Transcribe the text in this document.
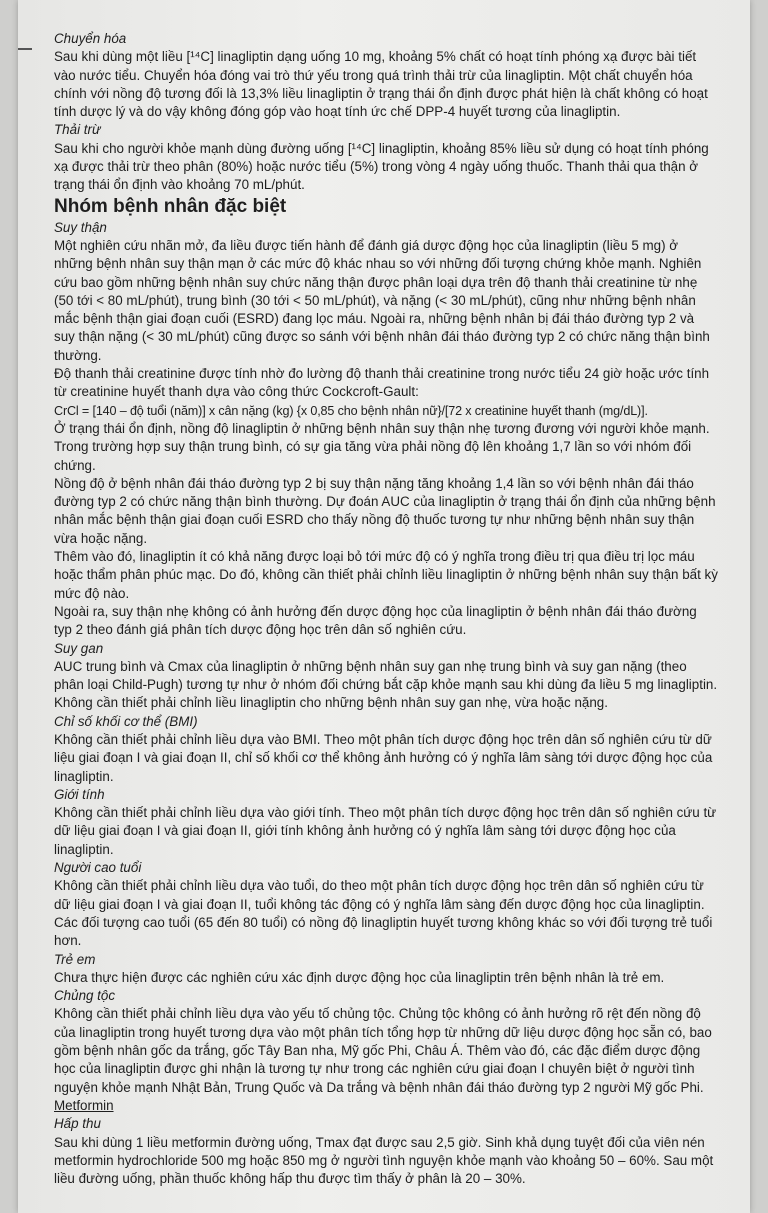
Chuyển hóa

Sau khi dùng một liều [¹⁴C] linagliptin dạng uống 10 mg, khoảng 5% chất có hoạt tính phóng xạ được bài tiết vào nước tiểu. Chuyển hóa đóng vai trò thứ yếu trong quá trình thải trừ của linagliptin. Một chất chuyển hóa chính với nồng độ tương đối là 13,3% liều linagliptin ở trạng thái ổn định được phát hiện là chất không có hoạt tính dược lý và do vậy không đóng góp vào hoạt tính ức chế DPP-4 huyết tương của linagliptin.

Thải trừ

Sau khi cho người khỏe mạnh dùng đường uống [¹⁴C] linagliptin, khoảng 85% liều sử dụng có hoạt tính phóng xạ được thải trừ theo phân (80%) hoặc nước tiểu (5%) trong vòng 4 ngày uống thuốc. Thanh thải qua thận ở trạng thái ổn định vào khoảng 70 mL/phút.

Nhóm bệnh nhân đặc biệt

Suy thận

Một nghiên cứu nhãn mở, đa liều được tiến hành để đánh giá dược động học của linagliptin (liều 5 mg) ở những bệnh nhân suy thận mạn ở các mức độ khác nhau so với những đối tượng chứng khỏe mạnh. Nghiên cứu bao gồm những bệnh nhân suy chức năng thận được phân loại dựa trên độ thanh thải creatinine từ nhẹ (50 tới < 80 mL/phút), trung bình (30 tới < 50 mL/phút), và nặng (< 30 mL/phút), cũng như những bệnh nhân mắc bệnh thận giai đoạn cuối (ESRD) đang lọc máu. Ngoài ra, những bệnh nhân bị đái tháo đường typ 2 và suy thận nặng (< 30 mL/phút) cũng được so sánh với bệnh nhân đái tháo đường typ 2 có chức năng thận bình thường.

Độ thanh thải creatinine được tính nhờ đo lường độ thanh thải creatinine trong nước tiểu 24 giờ hoặc ước tính từ creatinine huyết thanh dựa vào công thức Cockcroft-Gault:

CrCl = [140 – độ tuổi (năm)] x cân nặng (kg) {x 0,85 cho bệnh nhân nữ}/[72 x creatinine huyết thanh (mg/dL)].

Ở trạng thái ổn định, nồng độ linagliptin ở những bệnh nhân suy thận nhẹ tương đương với người khỏe mạnh. Trong trường hợp suy thận trung bình, có sự gia tăng vừa phải nồng độ lên khoảng 1,7 lần so với nhóm đối chứng.

Nồng độ ở bệnh nhân đái tháo đường typ 2 bị suy thận nặng tăng khoảng 1,4 lần so với bệnh nhân đái tháo đường typ 2 có chức năng thận bình thường. Dự đoán AUC của linagliptin ở trạng thái ổn định của những bệnh nhân mắc bệnh thận giai đoạn cuối ESRD cho thấy nồng độ thuốc tương tự như những bệnh nhân suy thận vừa hoặc nặng.

Thêm vào đó, linagliptin ít có khả năng được loại bỏ tới mức độ có ý nghĩa trong điều trị qua điều trị lọc máu hoặc thẩm phân phúc mạc. Do đó, không cần thiết phải chỉnh liều linagliptin ở những bệnh nhân suy thận bất kỳ mức độ nào.

Ngoài ra, suy thận nhẹ không có ảnh hưởng đến dược động học của linagliptin ở bệnh nhân đái tháo đường typ 2 theo đánh giá phân tích dược động học trên dân số nghiên cứu.

Suy gan

AUC trung bình và Cmax của linagliptin ở những bệnh nhân suy gan nhẹ trung bình và suy gan nặng (theo phân loại Child-Pugh) tương tự như ở nhóm đối chứng bắt cặp khỏe mạnh sau khi dùng đa liều 5 mg linagliptin. Không cần thiết phải chỉnh liều linagliptin cho những bệnh nhân suy gan nhẹ, vừa hoặc nặng.

Chỉ số khối cơ thể (BMI)

Không cần thiết phải chỉnh liều dựa vào BMI. Theo một phân tích dược động học trên dân số nghiên cứu từ dữ liệu giai đoạn I và giai đoạn II, chỉ số khối cơ thể không ảnh hưởng có ý nghĩa lâm sàng tới dược động học của linagliptin.

Giới tính

Không cần thiết phải chỉnh liều dựa vào giới tính. Theo một phân tích dược động học trên dân số nghiên cứu từ dữ liệu giai đoạn I và giai đoạn II, giới tính không ảnh hưởng có ý nghĩa lâm sàng tới dược động học của linagliptin.

Người cao tuổi

Không cần thiết phải chỉnh liều dựa vào tuổi, do theo một phân tích dược động học trên dân số nghiên cứu từ dữ liệu giai đoạn I và giai đoạn II, tuổi không tác động có ý nghĩa lâm sàng đến dược động học của linagliptin. Các đối tượng cao tuổi (65 đến 80 tuổi) có nồng độ linagliptin huyết tương không khác so với đối tượng trẻ tuổi hơn.

Trẻ em

Chưa thực hiện được các nghiên cứu xác định dược động học của linagliptin trên bệnh nhân là trẻ em.

Chủng tộc

Không cần thiết phải chỉnh liều dựa vào yếu tố chủng tộc. Chủng tộc không có ảnh hưởng rõ rệt đến nồng độ của linagliptin trong huyết tương dựa vào một phân tích tổng hợp từ những dữ liệu dược động học sẵn có, bao gồm bệnh nhân gốc da trắng, gốc Tây Ban nha, Mỹ gốc Phi, Châu Á. Thêm vào đó, các đặc điểm dược động học của linagliptin được ghi nhận là tương tự như trong các nghiên cứu giai đoạn I chuyên biệt ở người tình nguyện khỏe mạnh Nhật Bản, Trung Quốc và Da trắng và bệnh nhân đái tháo đường typ 2 người Mỹ gốc Phi.

Metformin

Hấp thu

Sau khi dùng 1 liều metformin đường uống, Tmax đạt được sau 2,5 giờ. Sinh khả dụng tuyệt đối của viên nén metformin hydrochloride 500 mg hoặc 850 mg ở người tình nguyện khỏe mạnh vào khoảng 50 – 60%. Sau một liều đường uống, phần thuốc không hấp thu được tìm thấy ở phân là 20 – 30%.
